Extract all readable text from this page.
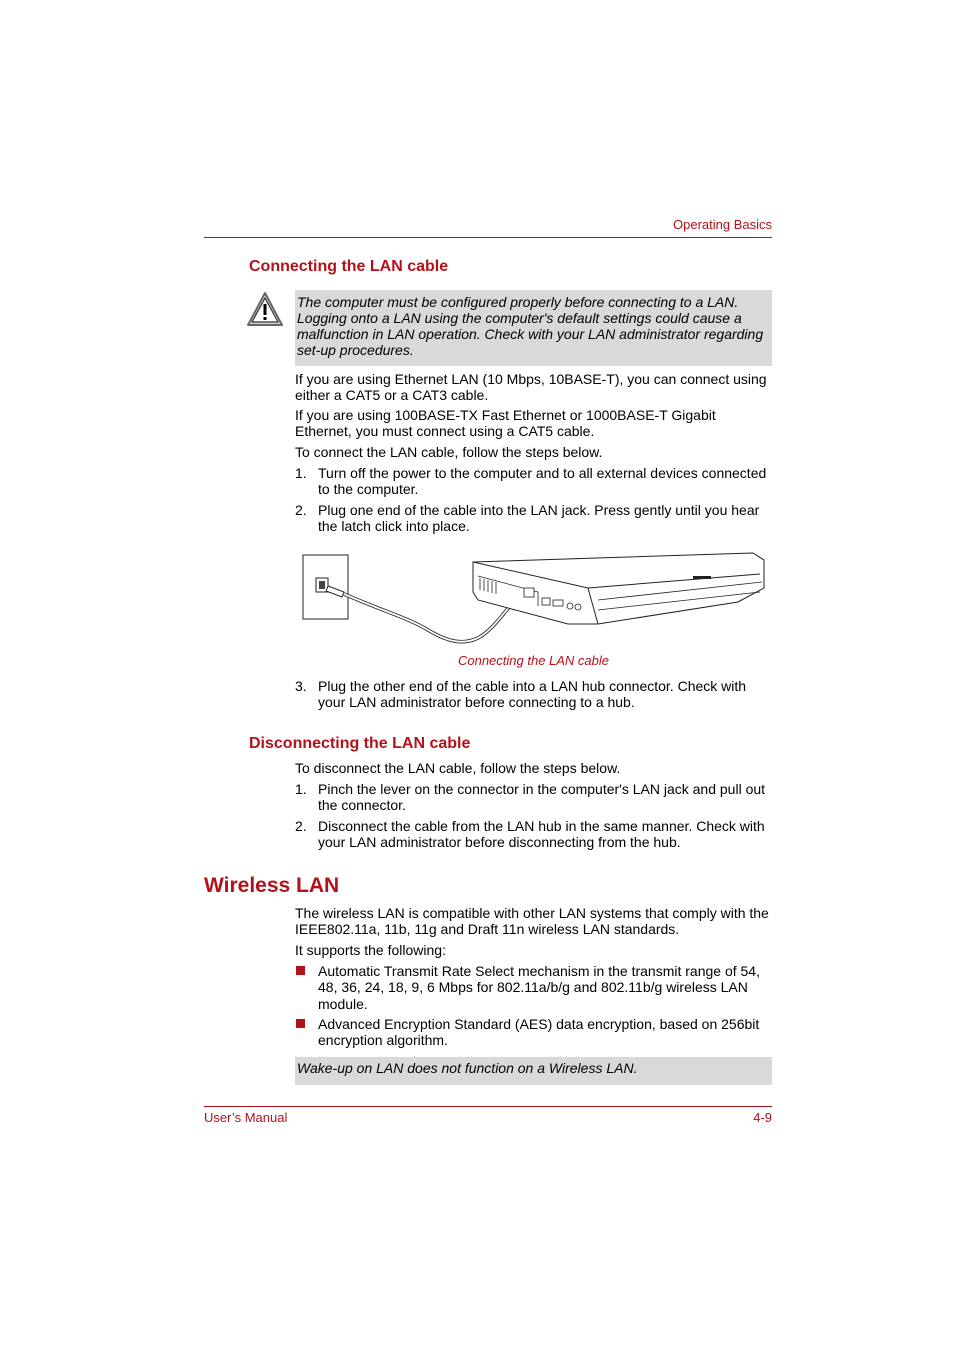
Operating Basics
Connecting the LAN cable
The computer must be configured properly before connecting to a LAN. Logging onto a LAN using the computer's default settings could cause a malfunction in LAN operation. Check with your LAN administrator regarding set-up procedures.
If you are using Ethernet LAN (10 Mbps, 10BASE-T), you can connect using either a CAT5 or a CAT3 cable.
If you are using 100BASE-TX Fast Ethernet or 1000BASE-T Gigabit Ethernet, you must connect using a CAT5 cable.
To connect the LAN cable, follow the steps below.
1. Turn off the power to the computer and to all external devices connected to the computer.
2. Plug one end of the cable into the LAN jack. Press gently until you hear the latch click into place.
Connecting the LAN cable
3. Plug the other end of the cable into a LAN hub connector. Check with your LAN administrator before connecting to a hub.
Disconnecting the LAN cable
To disconnect the LAN cable, follow the steps below.
1. Pinch the lever on the connector in the computer's LAN jack and pull out the connector.
2. Disconnect the cable from the LAN hub in the same manner. Check with your LAN administrator before disconnecting from the hub.
Wireless LAN
The wireless LAN is compatible with other LAN systems that comply with the IEEE802.11a, 11b, 11g and Draft 11n wireless LAN standards.
It supports the following:
Automatic Transmit Rate Select mechanism in the transmit range of 54, 48, 36, 24, 18, 9, 6 Mbps for 802.11a/b/g and 802.11b/g wireless LAN module.
Advanced Encryption Standard (AES) data encryption, based on 256bit encryption algorithm.
Wake-up on LAN does not function on a Wireless LAN.
User’s Manual	4-9
